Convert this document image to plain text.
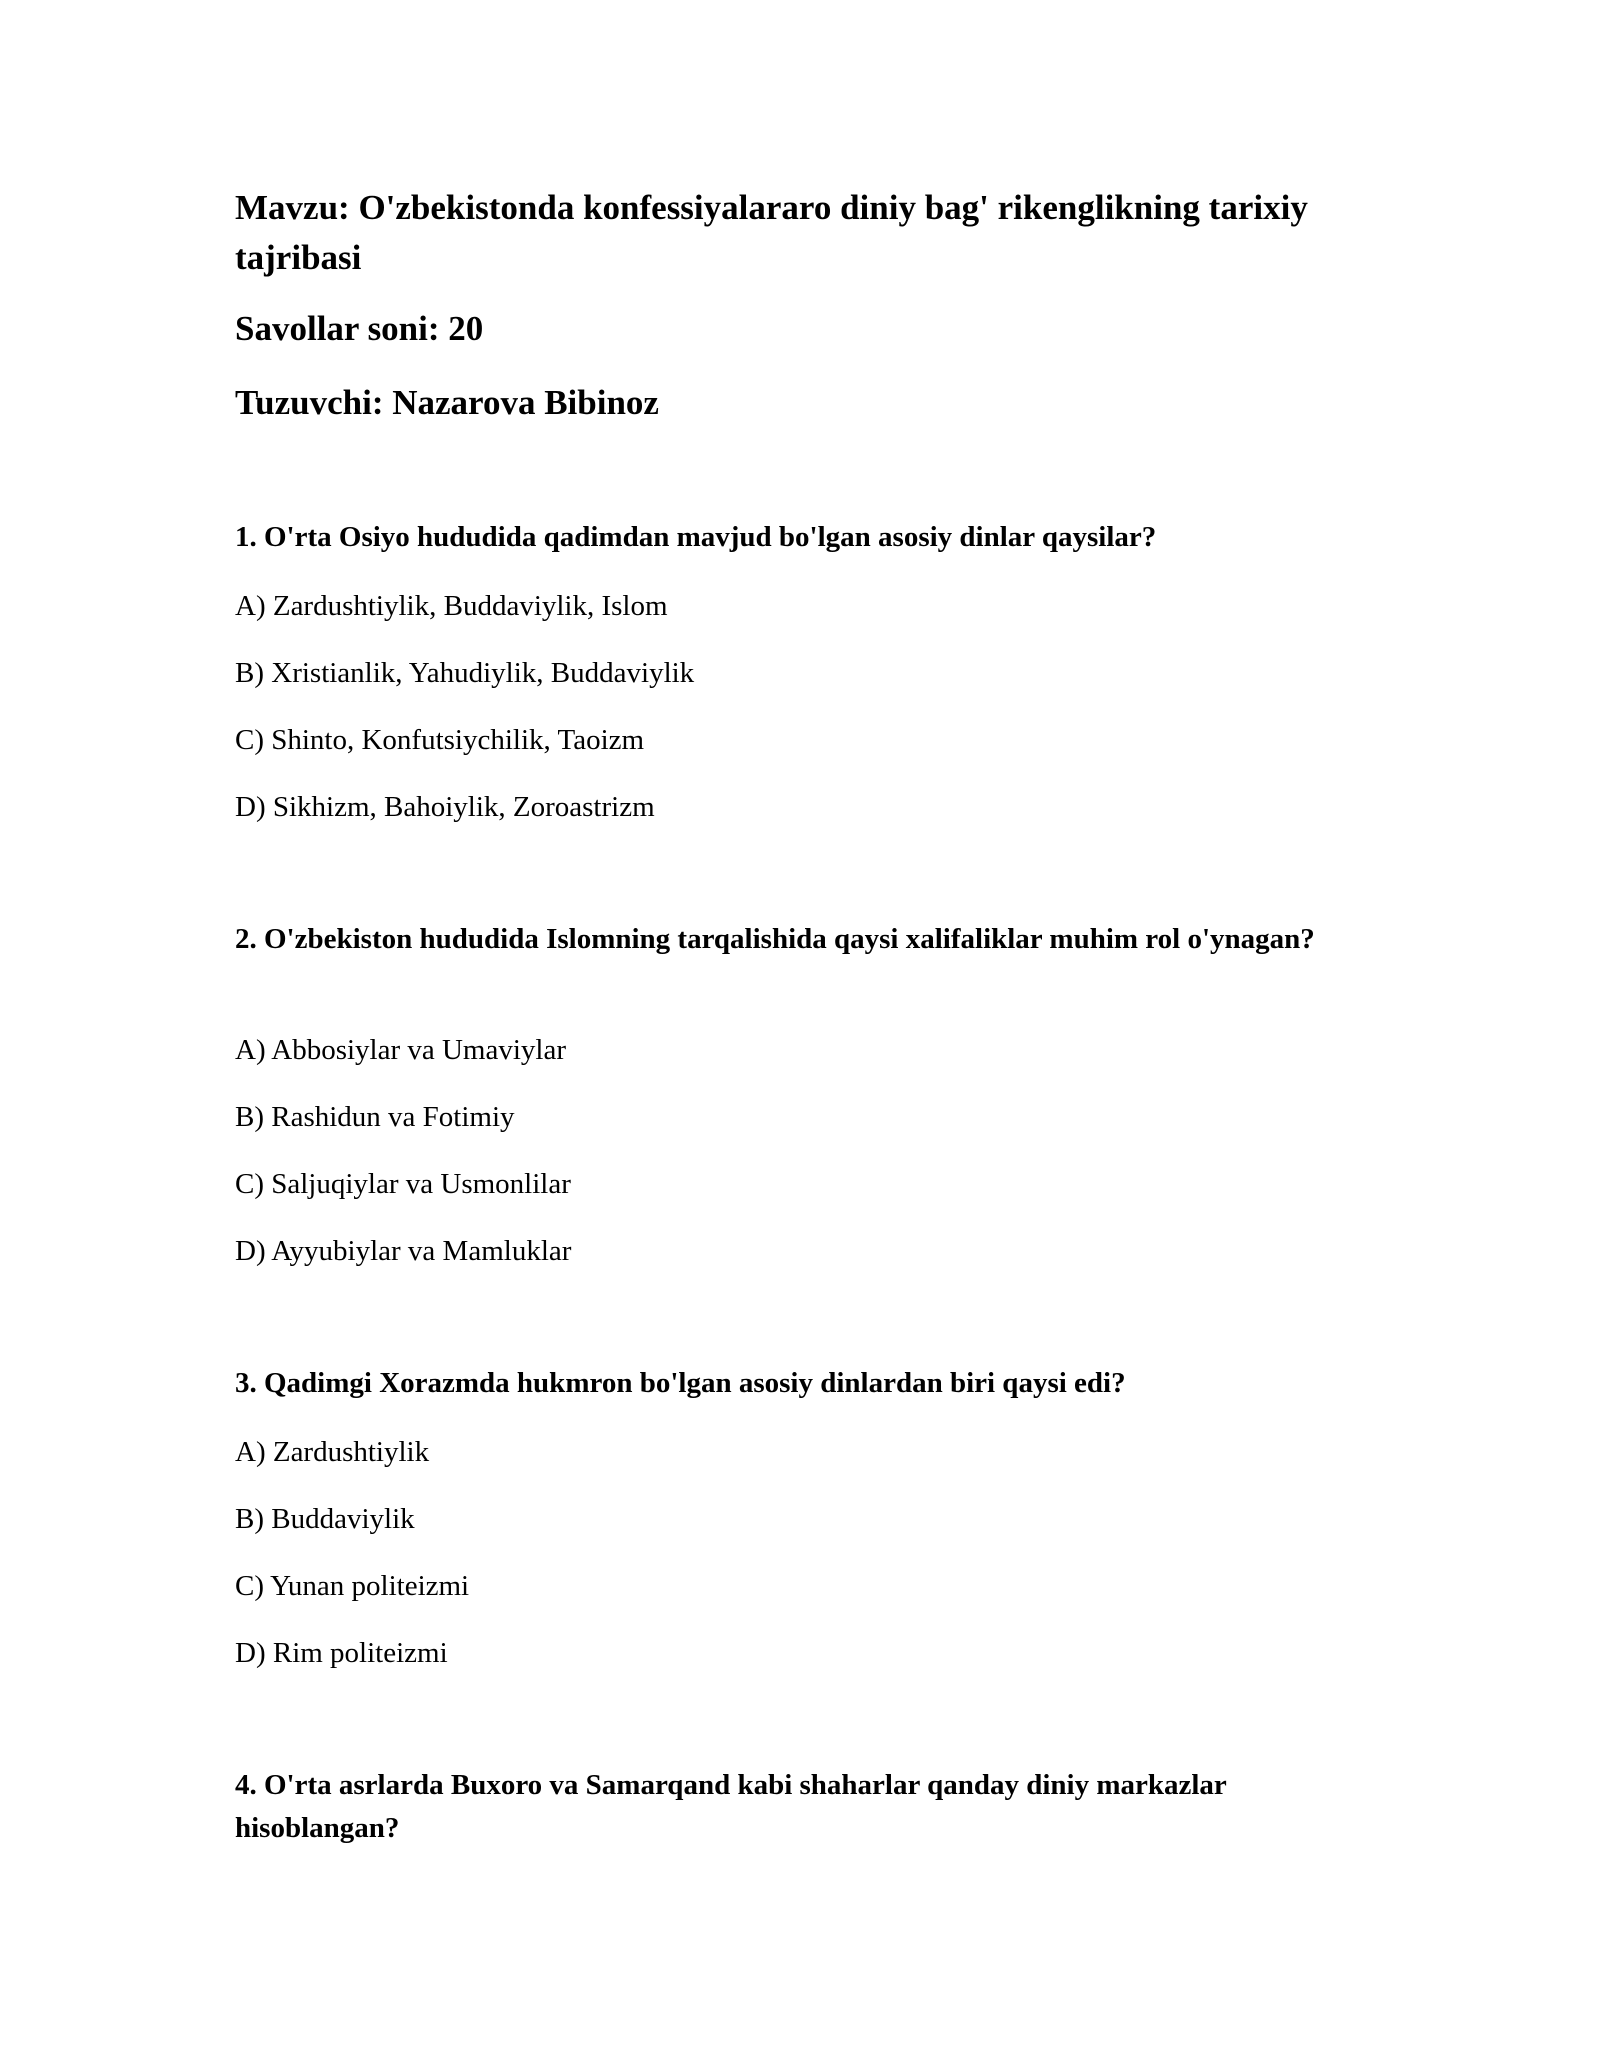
Mavzu: O'zbekistonda konfessiyalararo diniy bag' rikenglikning tarixiy tajribasi

Savollar soni: 20

Tuzuvchi: Nazarova Bibinoz

1. O'rta Osiyo hududida qadimdan mavjud bo'lgan asosiy dinlar qaysilar?

A) Zardushtiylik, Buddaviylik, Islom

B) Xristianlik, Yahudiylik, Buddaviylik

C) Shinto, Konfutsiychilik, Taoizm

D) Sikhizm, Bahoiylik, Zoroastrizm

2. O'zbekiston hududida Islomning tarqalishida qaysi xalifaliklar muhim rol o'ynagan?

A) Abbosiylar va Umaviylar

B) Rashidun va Fotimiy

C) Saljuqiylar va Usmonlilar

D) Ayyubiylar va Mamluklar

3. Qadimgi Xorazmda hukmron bo'lgan asosiy dinlardan biri qaysi edi?

A) Zardushtiylik

B) Buddaviylik

C) Yunan politeizmi

D) Rim politeizmi

4. O'rta asrlarda Buxoro va Samarqand kabi shaharlar qanday diniy markazlar hisoblangan?
